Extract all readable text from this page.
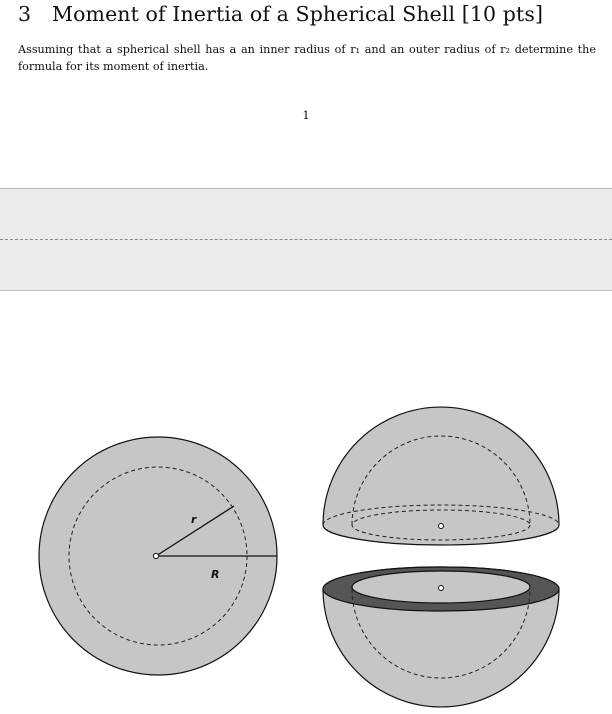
3 Moment of Inertia of a Spherical Shell [10 pts]
Assuming that a spherical shell has a an inner radius of r₁ and an outer radius of r₂ determine the formula for its moment of inertia.
1
r
R
